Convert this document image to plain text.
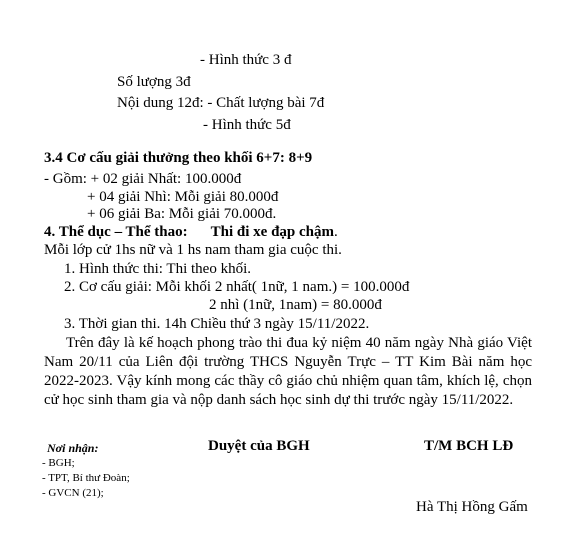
- Hình thức 3 đ
Số lượng 3đ
Nội dung 12đ: - Chất lượng bài 7đ
- Hình thức 5đ
3.4 Cơ cấu giải thưởng theo khối 6+7: 8+9
- Gồm: + 02 giải Nhất: 100.000đ
+ 04 giải Nhì: Mỗi giải 80.000đ
+ 06 giải Ba: Mỗi giải 70.000đ.
4. Thể dục – Thể thao: Thi đi xe đạp chậm.
Mỗi lớp cử 1hs nữ và 1 hs nam tham gia cuộc thi.
1. Hình thức thi: Thi theo khối.
2. Cơ cấu giải: Mỗi khối 2 nhất( 1nữ, 1 nam.) = 100.000đ
2 nhì (1nữ, 1nam) = 80.000đ
3. Thời gian thi. 14h Chiều thứ 3 ngày 15/11/2022.
Trên đây là kế hoạch phong trào thi đua kỷ niệm 40 năm ngày Nhà giáo Việt Nam 20/11 của Liên đội trường THCS Nguyễn Trực – TT Kim Bài năm học 2022-2023. Vậy kính mong các thầy cô giáo chủ nhiệm quan tâm, khích lệ, chọn cử học sinh tham gia và nộp danh sách học sinh dự thi trước ngày 15/11/2022.
Nơi nhận:
- BGH;
- TPT, Bí thư Đoàn;
- GVCN (21);
Duyệt của BGH	T/M BCH LĐ
Hà Thị Hồng Gấm
